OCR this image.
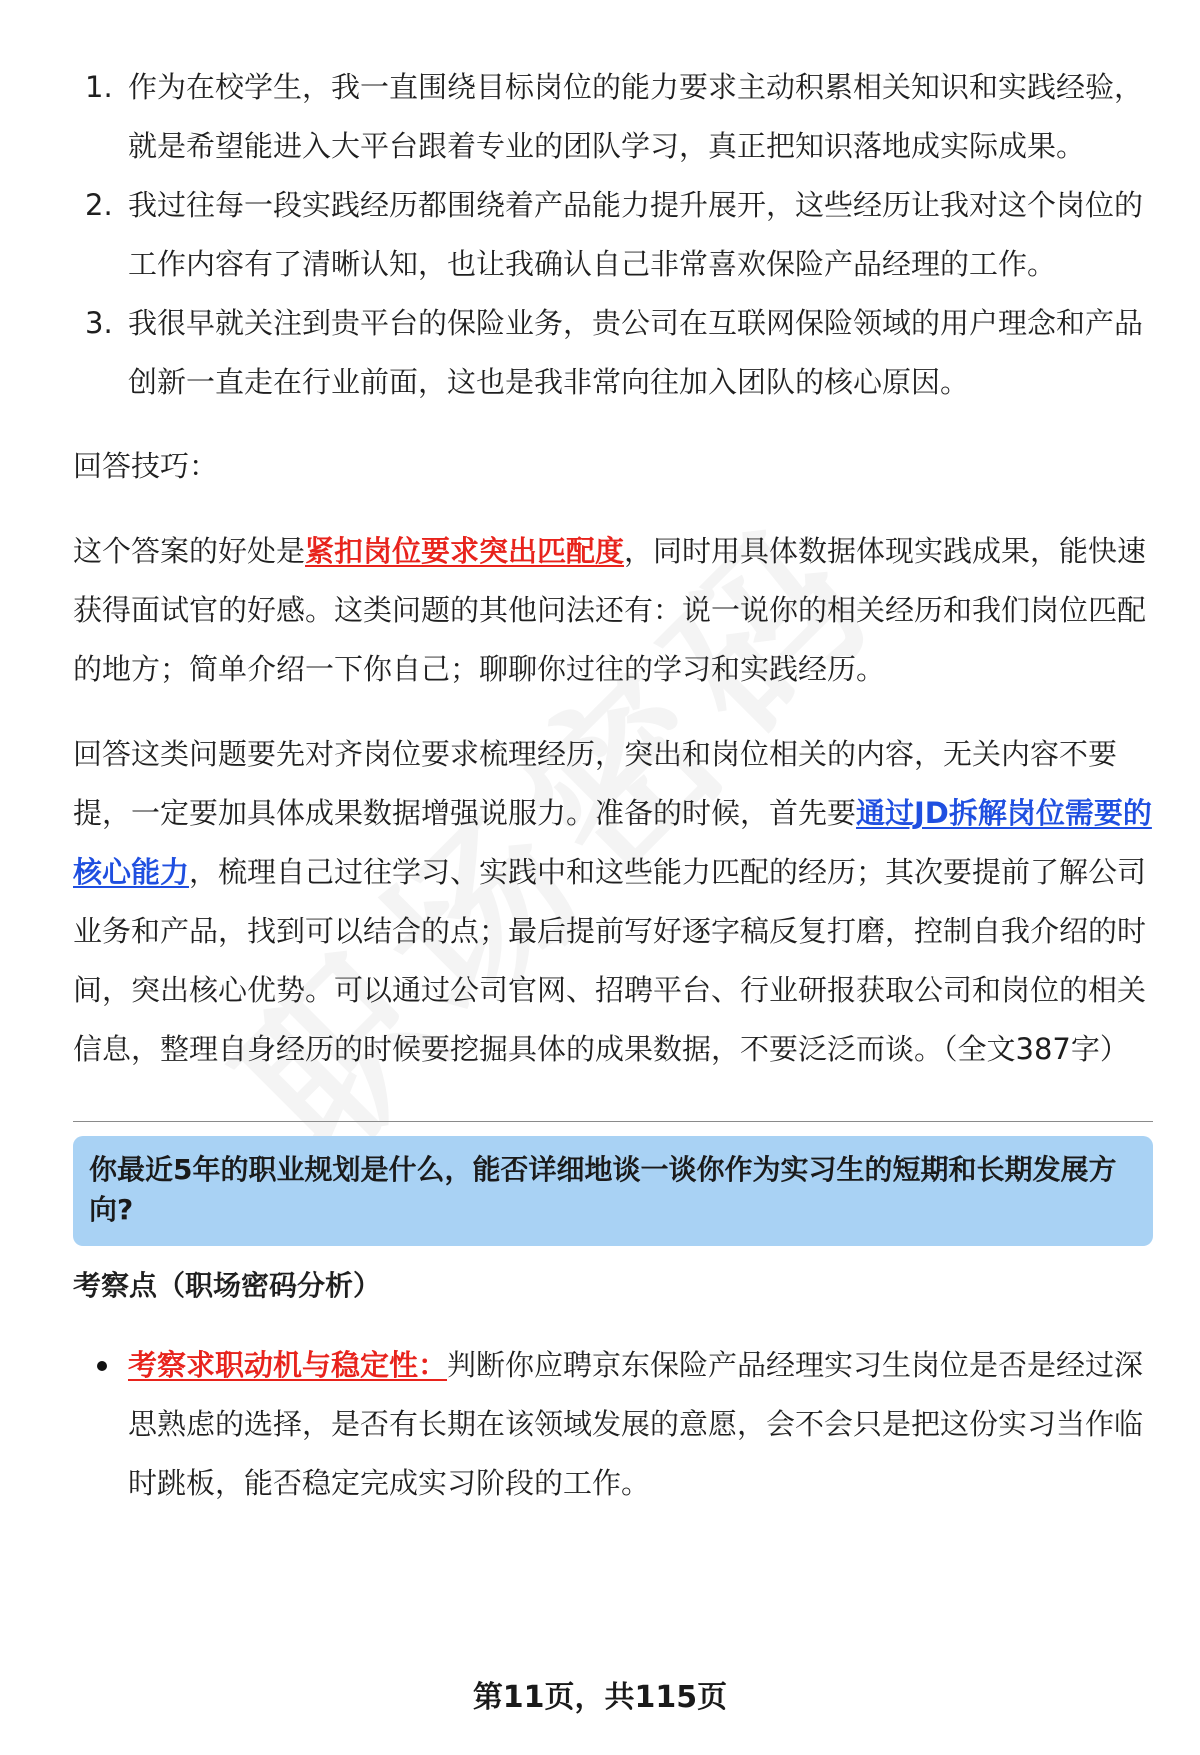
1. 作为在校学生，我一直围绕目标岗位的能力要求主动积累相关知识和实践经验，就是希望能进入大平台跟着专业的团队学习，真正把知识落地成实际成果。
2. 我过往每一段实践经历都围绕着产品能力提升展开，这些经历让我对这个岗位的工作内容有了清晰认知，也让我确认自己非常喜欢保险产品经理的工作。
3. 我很早就关注到贵平台的保险业务，贵公司在互联网保险领域的用户理念和产品创新一直走在行业前面，这也是我非常向往加入团队的核心原因。
回答技巧：

这个答案的好处是紧扣岗位要求突出匹配度，同时用具体数据体现实践成果，能快速获得面试官的好感。这类问题的其他问法还有：说一说你的相关经历和我们岗位匹配的地方；简单介绍一下你自己；聊聊你过往的学习和实践经历。

回答这类问题要先对齐岗位要求梳理经历，突出和岗位相关的内容，无关内容不要提，一定要加具体成果数据增强说服力。准备的时候，首先要通过JD拆解岗位需要的核心能力，梳理自己过往学习、实践中和这些能力匹配的经历；其次要提前了解公司业务和产品，找到可以结合的点；最后提前写好逐字稿反复打磨，控制自我介绍的时间，突出核心优势。可以通过公司官网、招聘平台、行业研报获取公司和岗位的相关信息，整理自身经历的时候要挖掘具体的成果数据，不要泛泛而谈。（全文387字）

你最近5年的职业规划是什么，能否详细地谈一谈你作为实习生的短期和长期发展方向?
考察点（职场密码分析）
考察求职动机与稳定性：判断你应聘京东保险产品经理实习生岗位是否是经过深思熟虑的选择，是否有长期在该领域发展的意愿，会不会只是把这份实习当作临时跳板，能否稳定完成实习阶段的工作。
第11页，共115页
